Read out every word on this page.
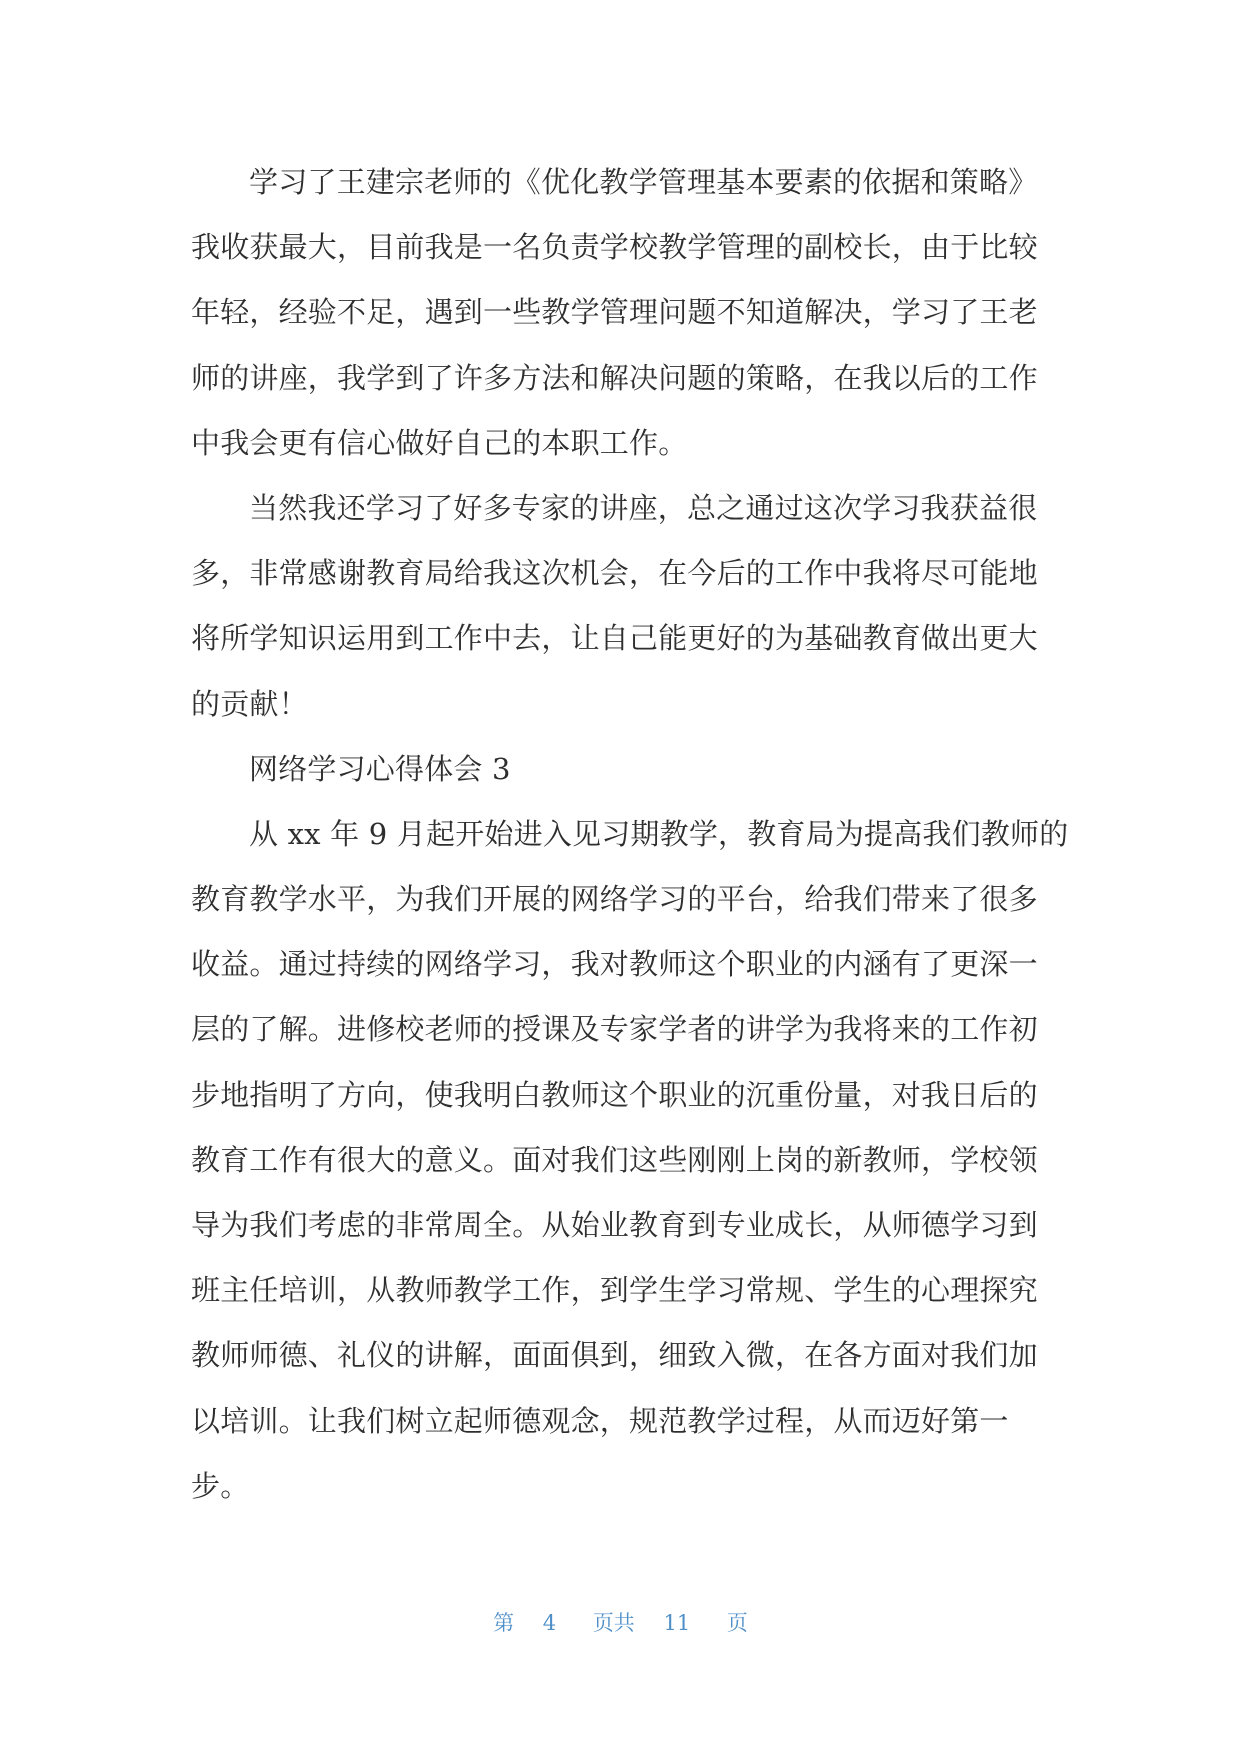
学习了王建宗老师的《优化教学管理基本要素的依据和策略》
我收获最大，目前我是一名负责学校教学管理的副校长，由于比较
年轻，经验不足，遇到一些教学管理问题不知道解决，学习了王老
师的讲座，我学到了许多方法和解决问题的策略，在我以后的工作
中我会更有信心做好自己的本职工作。
当然我还学习了好多专家的讲座，总之通过这次学习我获益很
多，非常感谢教育局给我这次机会，在今后的工作中我将尽可能地
将所学知识运用到工作中去，让自己能更好的为基础教育做出更大
的贡献！
网络学习心得体会 3
从 xx 年 9 月起开始进入见习期教学，教育局为提高我们教师的
教育教学水平，为我们开展的网络学习的平台，给我们带来了很多
收益。通过持续的网络学习，我对教师这个职业的内涵有了更深一
层的了解。进修校老师的授课及专家学者的讲学为我将来的工作初
步地指明了方向，使我明白教师这个职业的沉重份量，对我日后的
教育工作有很大的意义。面对我们这些刚刚上岗的新教师，学校领
导为我们考虑的非常周全。从始业教育到专业成长，从师德学习到
班主任培训，从教师教学工作，到学生学习常规、学生的心理探究
教师师德、礼仪的讲解，面面俱到，细致入微，在各方面对我们加
以培训。让我们树立起师德观念，规范教学过程，从而迈好第一
步。
第 4 页共 11 页
